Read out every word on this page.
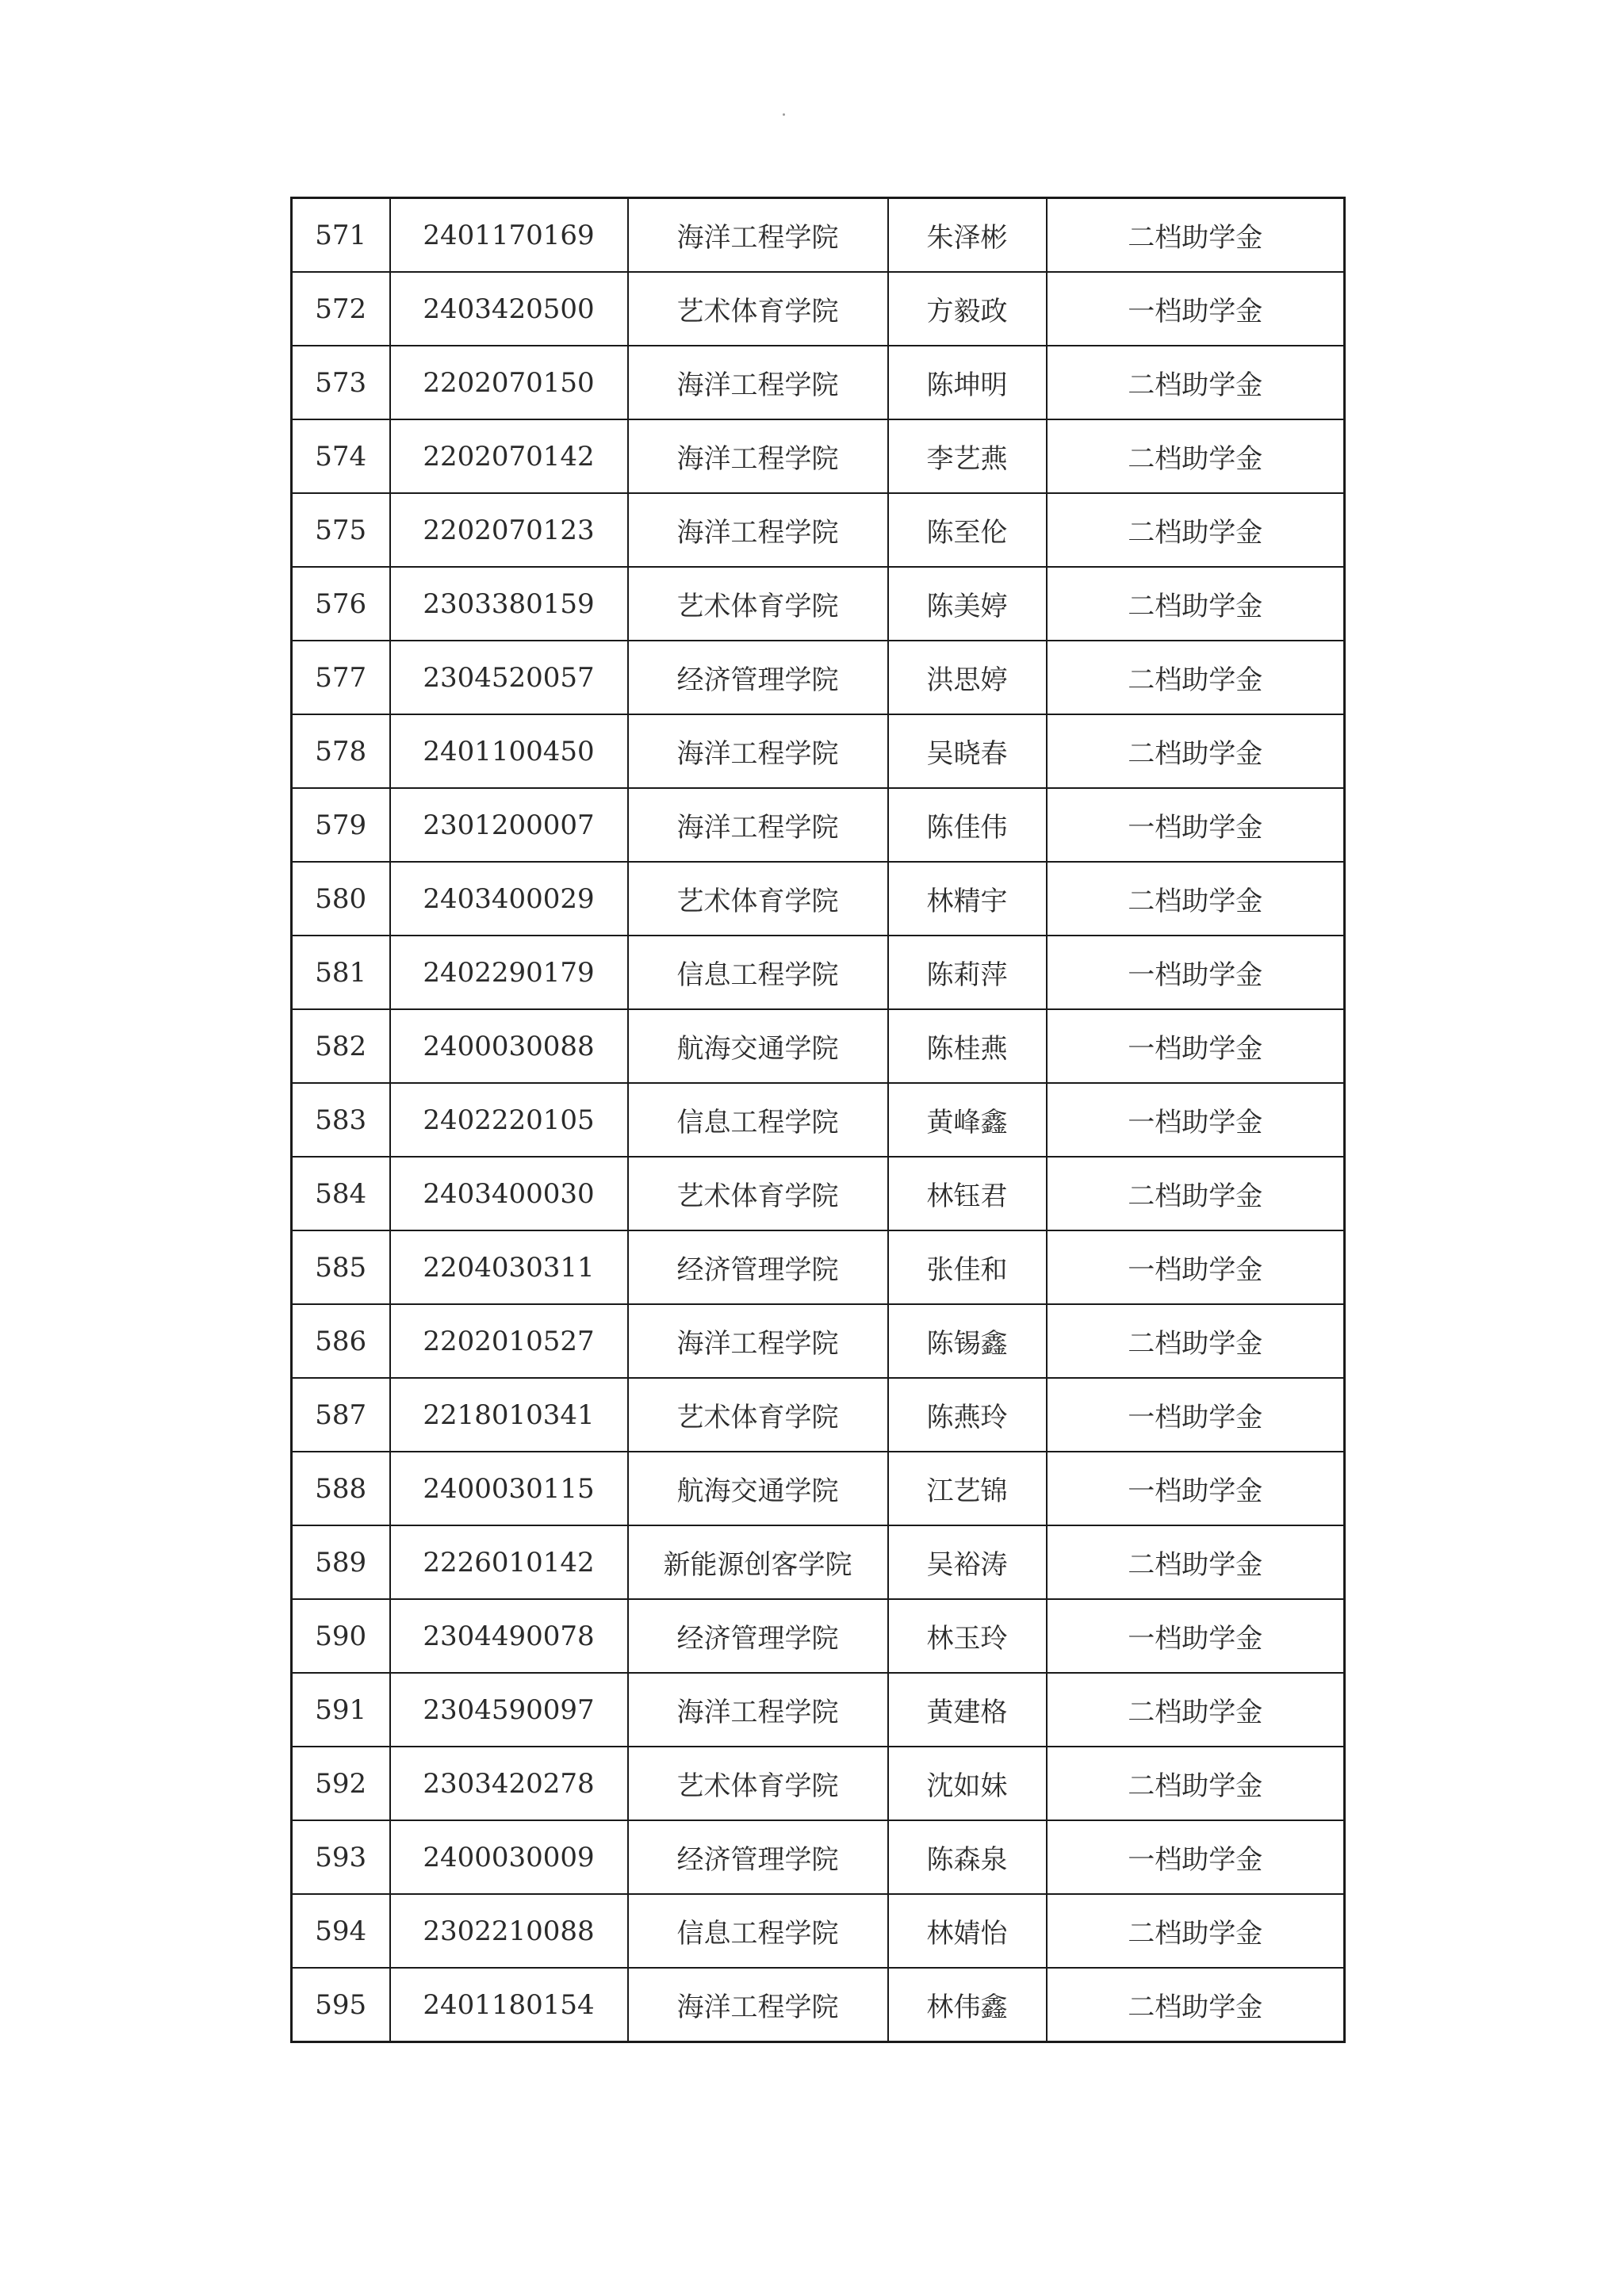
571	2401170169	海洋工程学院	朱泽彬	二档助学金
572	2403420500	艺术体育学院	方毅政	一档助学金
573	2202070150	海洋工程学院	陈坤明	二档助学金
574	2202070142	海洋工程学院	李艺燕	二档助学金
575	2202070123	海洋工程学院	陈至伦	二档助学金
576	2303380159	艺术体育学院	陈美婷	二档助学金
577	2304520057	经济管理学院	洪思婷	二档助学金
578	2401100450	海洋工程学院	吴晓春	二档助学金
579	2301200007	海洋工程学院	陈佳伟	一档助学金
580	2403400029	艺术体育学院	林精宇	二档助学金
581	2402290179	信息工程学院	陈莉萍	一档助学金
582	2400030088	航海交通学院	陈桂燕	一档助学金
583	2402220105	信息工程学院	黄峰鑫	一档助学金
584	2403400030	艺术体育学院	林钰君	二档助学金
585	2204030311	经济管理学院	张佳和	一档助学金
586	2202010527	海洋工程学院	陈锡鑫	二档助学金
587	2218010341	艺术体育学院	陈燕玲	一档助学金
588	2400030115	航海交通学院	江艺锦	一档助学金
589	2226010142	新能源创客学院	吴裕涛	二档助学金
590	2304490078	经济管理学院	林玉玲	一档助学金
591	2304590097	海洋工程学院	黄建格	二档助学金
592	2303420278	艺术体育学院	沈如妹	二档助学金
593	2400030009	经济管理学院	陈森泉	一档助学金
594	2302210088	信息工程学院	林婧怡	二档助学金
595	2401180154	海洋工程学院	林伟鑫	二档助学金
